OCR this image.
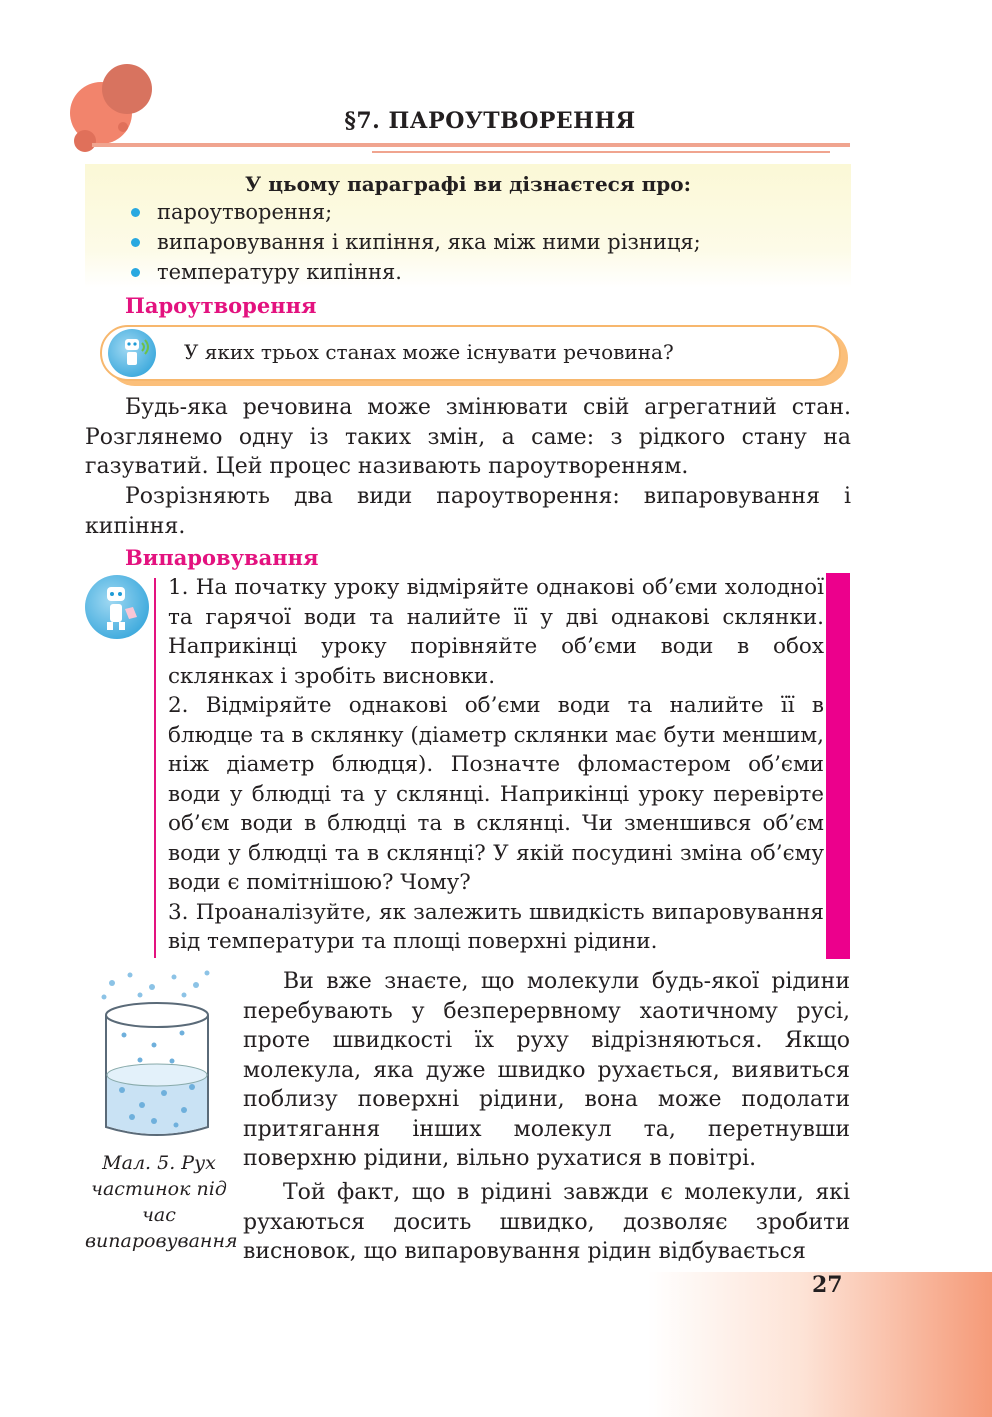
§7. ПАРОУТВОРЕННЯ
У цьому параграфі ви дізнаєтеся про:
пароутворення;
випаровування і кипіння, яка між ними різниця;
температуру кипіння.
Пароутворення
У яких трьох станах може існувати речовина?
Будь-яка речовина може змінювати свій агрегатний стан. Розглянемо одну із таких змін, а саме: з рідкого стану на газуватий. Цей процес називають пароутворенням.
Розрізняють два види пароутворення: випаровування і кипіння.
Випаровування
1. На початку уроку відміряйте однакові об’єми холодної та гарячої води та налийте її у дві однакові склянки. Наприкінці уроку порівняйте об’єми води в обох склянках і зробіть висновки.
2. Відміряйте однакові об’єми води та налийте її в блюдце та в склянку (діаметр склянки має бути меншим, ніж діаметр блюдця). Позначте фломастером об’єми води у блюдці та у склянці. Наприкінці уроку перевірте об’єм води в блюдці та в склянці. Чи зменшився об’єм води у блюдці та в склянці? У якій посудині зміна об’єму води є помітнішою? Чому?
3. Проаналізуйте, як залежить швидкість випаровування від температури та площі поверхні рідини.
Мал. 5. Рух частинок під час випаровування
Ви вже знаєте, що молекули будь-якої рідини перебувають у безперервному хаотичному русі, проте швидкості їх руху відрізняються. Якщо молекула, яка дуже швидко рухається, виявиться поблизу поверхні рідини, вона може подолати притягання інших молекул та, перетнувши поверхню рідини, вільно рухатися в повітрі.
Той факт, що в рідині завжди є молекули, які рухаються досить швидко, дозволяє зробити висновок, що випаровування рідин відбувається
27
